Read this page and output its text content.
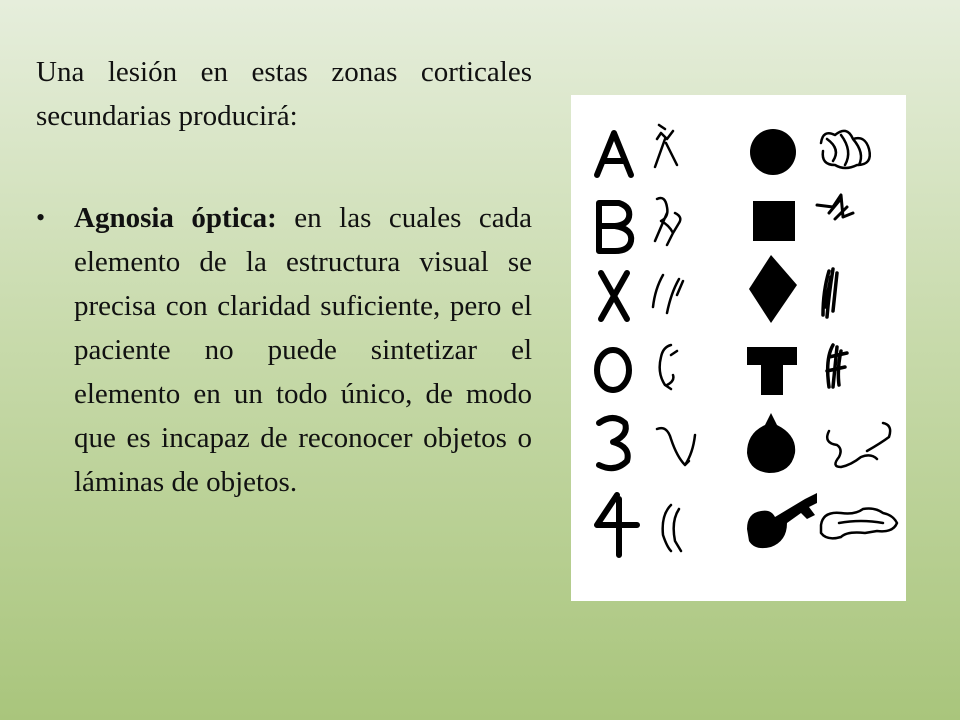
Una lesión en estas zonas corticales secundarias producirá:

• Agnosia óptica: en las cuales cada elemento de la estructura visual se precisa con claridad suficiente, pero el paciente no puede sintetizar el elemento en un todo único, de modo que es incapaz de reconocer objetos o láminas de objetos.
